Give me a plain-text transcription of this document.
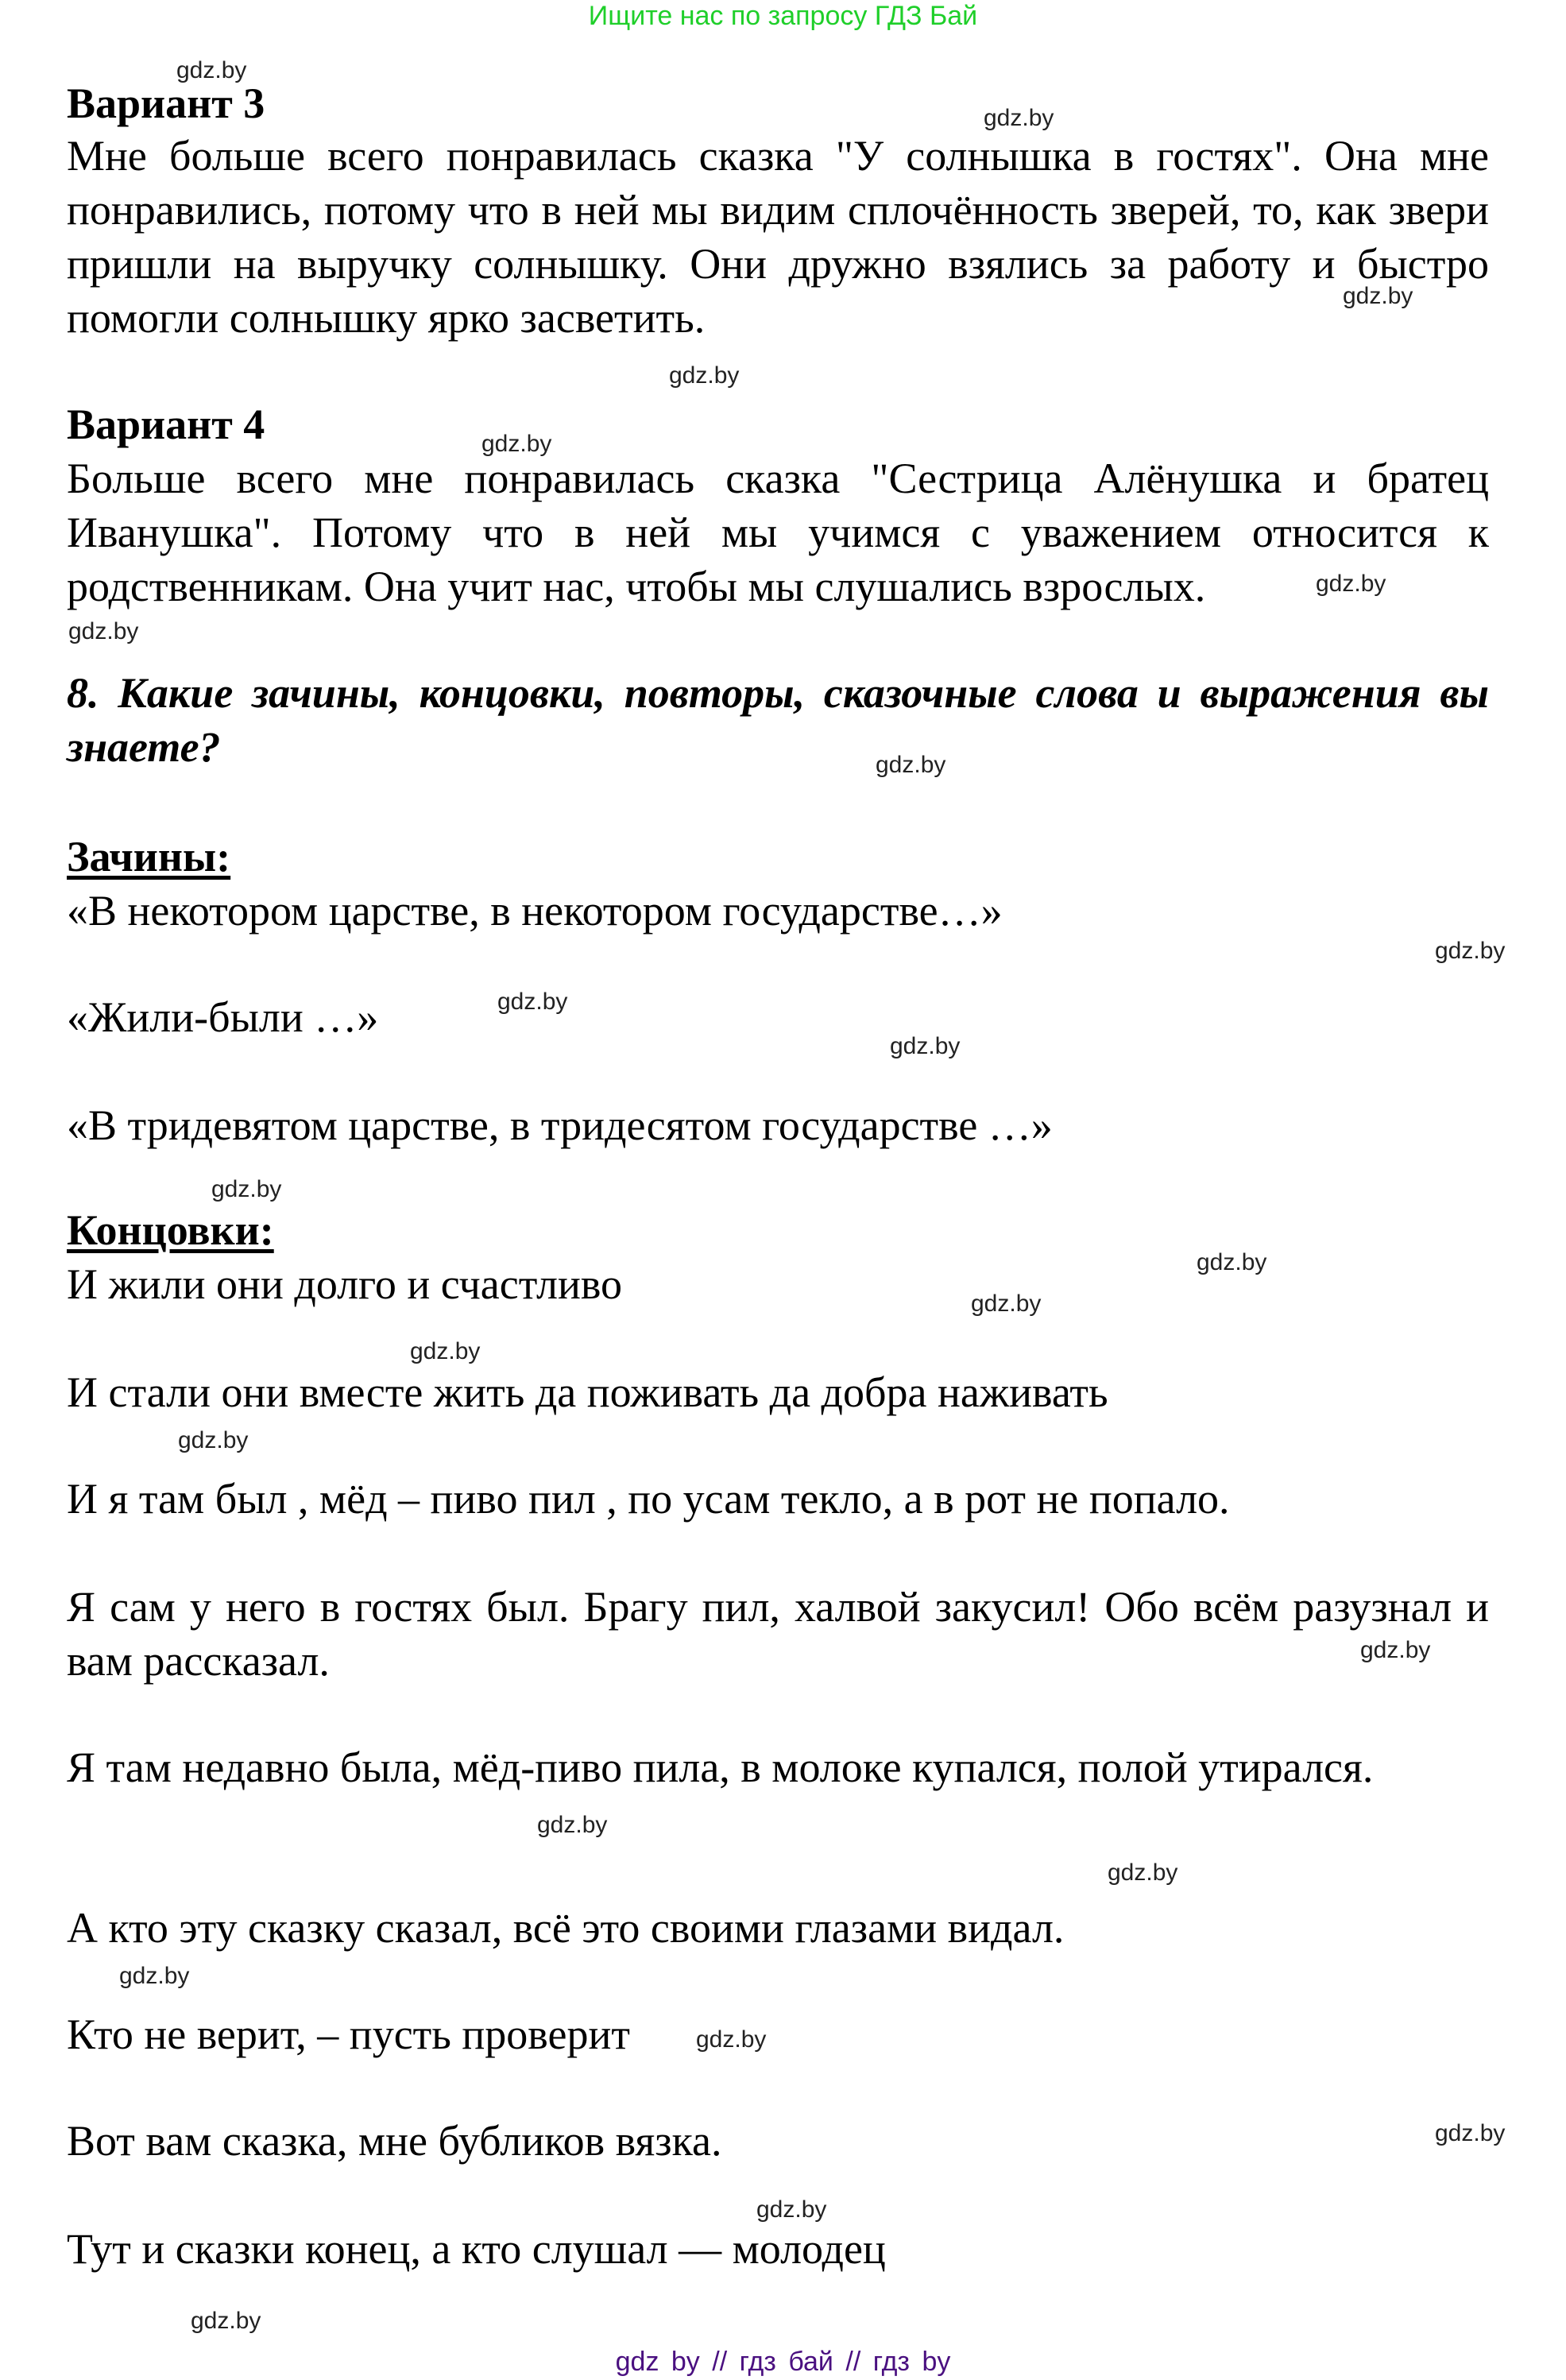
Ищите нас по запросу ГДЗ Бай
Вариант 3
Мне больше всего понравилась сказка "У солнышка в гостях". Она мне понравились, потому что в ней мы видим сплочённость зверей, то, как звери пришли на выручку солнышку. Они дружно взялись за работу и быстро помогли солнышку ярко засветить.
Вариант 4
Больше всего мне понравилась сказка "Сестрица Алёнушка и братец Иванушка". Потому что в ней мы учимся с уважением относится к родственникам. Она учит нас, чтобы мы слушались взрослых.
8. Какие зачины, концовки, повторы, сказочные слова и выражения вы знаете?
Зачины:
«В некотором царстве, в некотором государстве…»
«Жили-были …»
«В тридевятом царстве, в тридесятом государстве …»
Концовки:
И жили они долго и счастливо
И стали они вместе жить да поживать да добра наживать
И я там был , мёд – пиво пил , по усам текло, а в рот не попало.
Я сам у него в гостях был. Брагу пил, халвой закусил! Обо всём разузнал и вам рассказал.
Я там недавно была, мёд-пиво пила, в молоке купался, полой утирался.
А кто эту сказку сказал, всё это своими глазами видал.
Кто не верит, – пусть проверит
Вот вам сказка, мне бубликов вязка.
Тут и сказки конец, а кто слушал — молодец
gdz.by
gdz.by
gdz.by
gdz.by
gdz.by
gdz.by
gdz.by
gdz.by
gdz.by
gdz.by
gdz.by
gdz.by
gdz.by
gdz.by
gdz.by
gdz.by
gdz.by
gdz.by
gdz.by
gdz.by
gdz.by
gdz.by
gdz.by
gdz.by
gdz by // гдз бай // гдз by
